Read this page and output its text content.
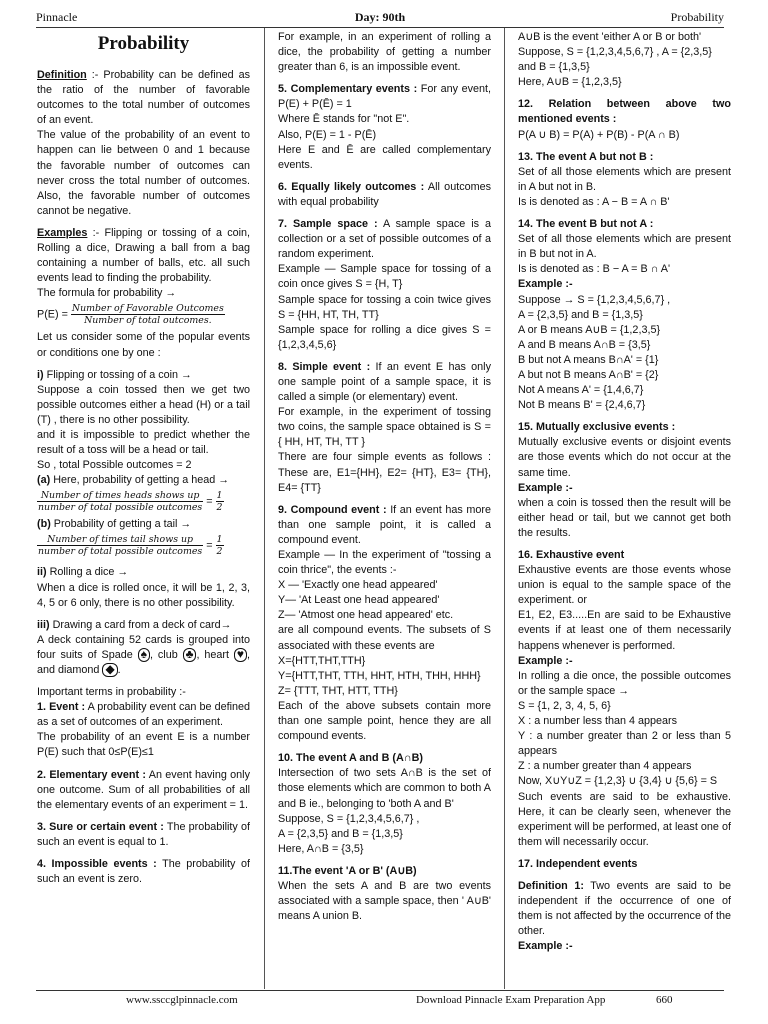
Pinnacle	Day: 90th	Probability
Probability

Definition :- Probability can be defined as the ratio of the number of favorable outcomes to the total number of outcomes of an event.

The value of the probability of an event to happen can lie between 0 and 1 because the favorable number of outcomes can never cross the total number of outcomes. Also, the favorable number of outcomes cannot be negative.

Examples :- Flipping or tossing of a coin, Rolling a dice, Drawing a ball from a bag containing a number of balls, etc. all such events lead to finding the probability.

The formula for probability →

$P(E) = \frac{\text{Number of Favorable Outcomes}}{\text{Number of total outcomes.}}$

Let us consider some of the popular events or conditions one by one :

i) Flipping or tossing of a coin →

Suppose a coin tossed then we get two possible outcomes either a head (H) or a tail (T) , there is no other possibility.

and it is impossible to predict whether the result of a toss will be a head or tail.

So , total Possible outcomes = 2

(a) Here, probability of getting a head →

$\frac{\text{Number of times heads shows up}}{\text{number of total possible outcomes}} = \frac{1}{2}$

(b) Probability of getting a tail →

$\frac{\text{Number of times tail shows up}}{\text{number of total possible outcomes}} = \frac{1}{2}$

ii) Rolling a dice →

When a dice is rolled once, it will be 1, 2, 3, 4, 5 or 6 only, there is no other possibility.

iii) Drawing a card from a deck of card→

A deck containing 52 cards is grouped into four suits of Spade ♠ , club ♣ , heart ♥ , and diamond ◆ .

Important terms in probability :-

1. Event : A probability event can be defined as a set of outcomes of an experiment.

The probability of an event E is a number P(E) such that 0≤P(E)≤1

2. Elementary event : An event having only one outcome. Sum of all probabilities of all the elementary events of an experiment = 1.

3. Sure or certain event : The probability of such an event is equal to 1.

4. Impossible events : The probability of such an event is zero.

For example, in an experiment of rolling a dice, the probability of getting a number greater than 6, is an impossible event.

5. Complementary events : For any event, P(E) + P(Ē) = 1

Where Ē stands for "not E".

Also, P(E) = 1 - P(Ē)

Here E and Ē are called complementary events.

6. Equally likely outcomes : All outcomes with equal probability

7. Sample space : A sample space is a collection or a set of possible outcomes of a random experiment.

Example — Sample space for tossing of a coin once gives S = {H, T}

Sample space for tossing a coin twice gives S = {HH, HT, TH, TT}

Sample space for rolling a dice gives S = {1,2,3,4,5,6}

8. Simple event : If an event E has only one sample point of a sample space, it is called a simple (or elementary) event.

For example, in the experiment of tossing two coins, the sample space obtained is S = { HH, HT, TH, TT }

There are four simple events as follows : These are, E1={HH}, E2= {HT}, E3= {TH}, E4= {TT}

9. Compound event : If an event has more than one sample point, it is called a compound event.

Example — In the experiment of "tossing a coin thrice", the events :-

X — 'Exactly one head appeared'

Y— 'At Least one head appeared'

Z— 'Atmost one head appeared' etc.

are all compound events. The subsets of S associated with these events are

X={HTT,THT,TTH}

Y={HTT,THT, TTH, HHT, HTH, THH, HHH}

Z= {TTT, THT, HTT, TTH}

Each of the above subsets contain more than one sample point, hence they are all compound events.

10. The event A and B (A∩B)

Intersection of two sets A∩B is the set of those elements which are common to both A and B ie., belonging to 'both A and B'

Suppose, S = {1,2,3,4,5,6,7} ,

A = {2,3,5} and B = {1,3,5}

Here, A∩B = {3,5}

11.The event 'A or B' (A∪B)

When the sets A and B are two events associated with a sample space, then ' A∪B' means A union B.

A∪B is the event 'either A or B or both'

Suppose, S = {1,2,3,4,5,6,7} , A = {2,3,5}

and B = {1,3,5}

Here, A∪B = {1,2,3,5}

12. Relation between above two mentioned events :

P(A ∪ B) = P(A) + P(B) - P(A ∩ B)

13. The event A but not B :

Set of all those elements which are present in A but not in B.

Is is denoted as : A − B = A ∩ B'

14. The event B but not A :

Set of all those elements which are present in B but not in A.

Is is denoted as : B − A = B ∩ A'

Example :-

Suppose → S = {1,2,3,4,5,6,7} ,

A = {2,3,5} and B = {1,3,5}

A or B means A∪B = {1,2,3,5}

A and B means A∩B = {3,5}

B but not A means B∩A' = {1}

A but not B means A∩B' = {2}

Not A means A' = {1,4,6,7}

Not B means B' = {2,4,6,7}

15. Mutually exclusive events :

Mutually exclusive events or disjoint events are those events which do not occur at the same time.

Example :-

when a coin is tossed then the result will be either head or tail, but we cannot get both the results.

16. Exhaustive event

Exhaustive events are those events whose union is equal to the sample space of the experiment. or

E1, E2, E3.....En are said to be Exhaustive events if at least one of them necessarily happens whenever is performed.

Example :-

In rolling a die once, the possible outcomes or the sample space →

S = {1, 2, 3, 4, 5, 6}

X : a number less than 4 appears

Y : a number greater than 2 or less than 5 appears

Z : a number greater than 4 appears

Now, X∪Y∪Z = {1,2,3} ∪ {3,4} ∪ {5,6} = S

Such events are said to be exhaustive. Here, it can be clearly seen, whenever the experiment will be performed, at least one of them will necessarily occur.

17. Independent events

Definition 1: Two events are said to be independent if the occurrence of one of them is not affected by the occurrence of the other.

Example :-

www.ssccglpinnacle.com	Download Pinnacle Exam Preparation App	660
